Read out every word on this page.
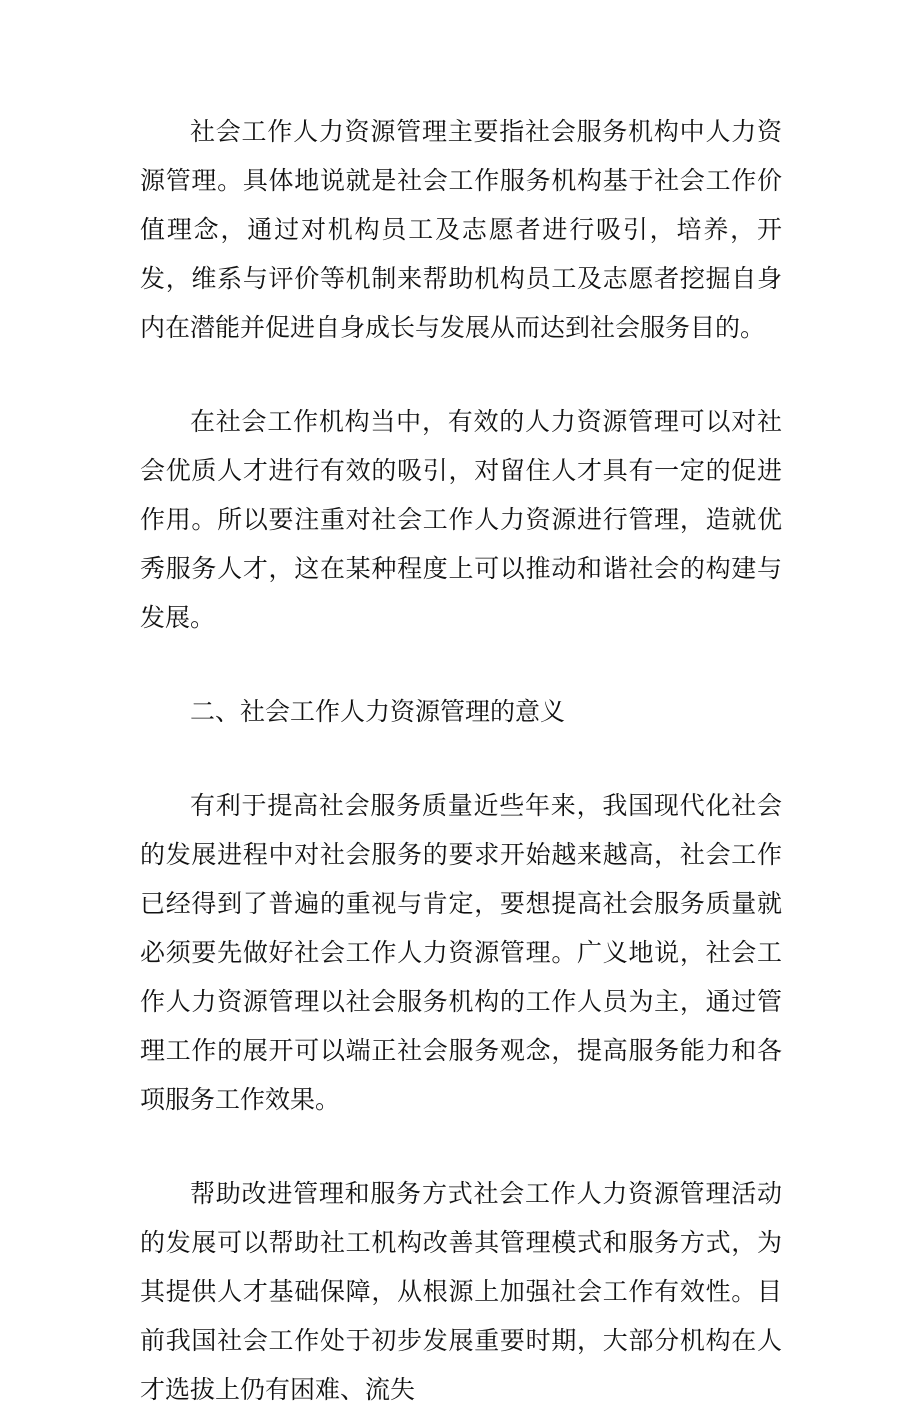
社会工作人力资源管理主要指社会服务机构中人力资源管理。具体地说就是社会工作服务机构基于社会工作价值理念，通过对机构员工及志愿者进行吸引，培养，开发，维系与评价等机制来帮助机构员工及志愿者挖掘自身内在潜能并促进自身成长与发展从而达到社会服务目的。

在社会工作机构当中，有效的人力资源管理可以对社会优质人才进行有效的吸引，对留住人才具有一定的促进作用。所以要注重对社会工作人力资源进行管理，造就优秀服务人才，这在某种程度上可以推动和谐社会的构建与发展。

二、社会工作人力资源管理的意义

有利于提高社会服务质量近些年来，我国现代化社会的发展进程中对社会服务的要求开始越来越高，社会工作已经得到了普遍的重视与肯定，要想提高社会服务质量就必须要先做好社会工作人力资源管理。广义地说，社会工作人力资源管理以社会服务机构的工作人员为主，通过管理工作的展开可以端正社会服务观念，提高服务能力和各项服务工作效果。

帮助改进管理和服务方式社会工作人力资源管理活动的发展可以帮助社工机构改善其管理模式和服务方式，为其提供人才基础保障，从根源上加强社会工作有效性。目前我国社会工作处于初步发展重要时期，大部分机构在人才选拔上仍有困难、流失
